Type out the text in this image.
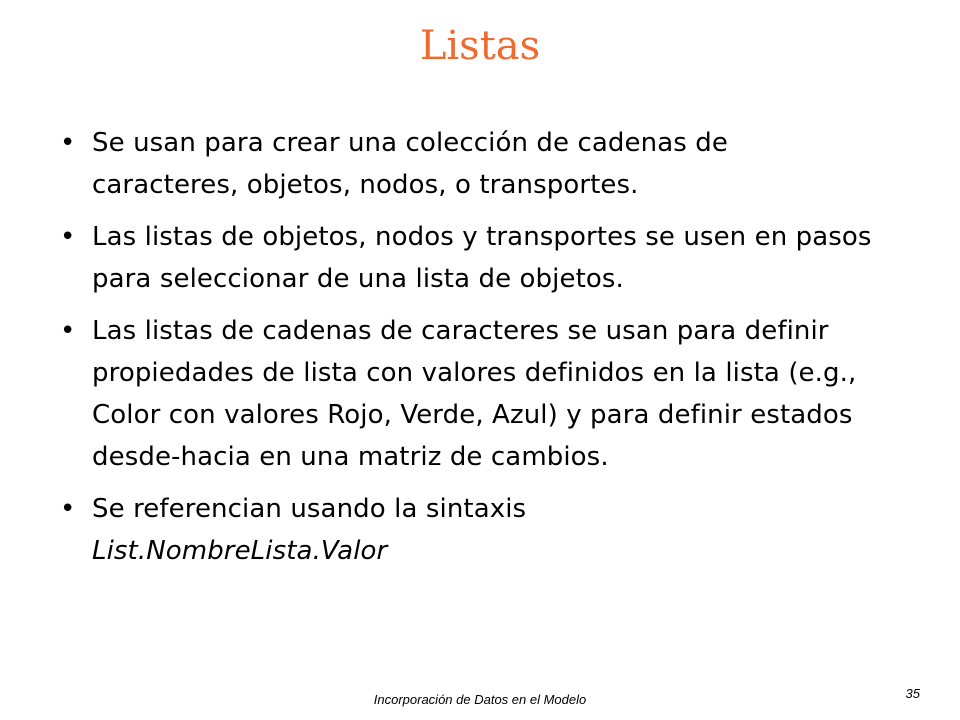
Listas
• Se usan para crear una colección de cadenas de caracteres, objetos, nodos, o transportes.
• Las listas de objetos, nodos y transportes se usen en pasos para seleccionar de una lista de objetos.
• Las listas de cadenas de caracteres se usan para definir propiedades de lista con valores definidos en la lista (e.g., Color con valores Rojo, Verde, Azul) y para definir estados desde-hacia en una matriz de cambios.
• Se referencian usando la sintaxis
List.NombreLista.Valor
Incorporación de Datos en el Modelo	35
